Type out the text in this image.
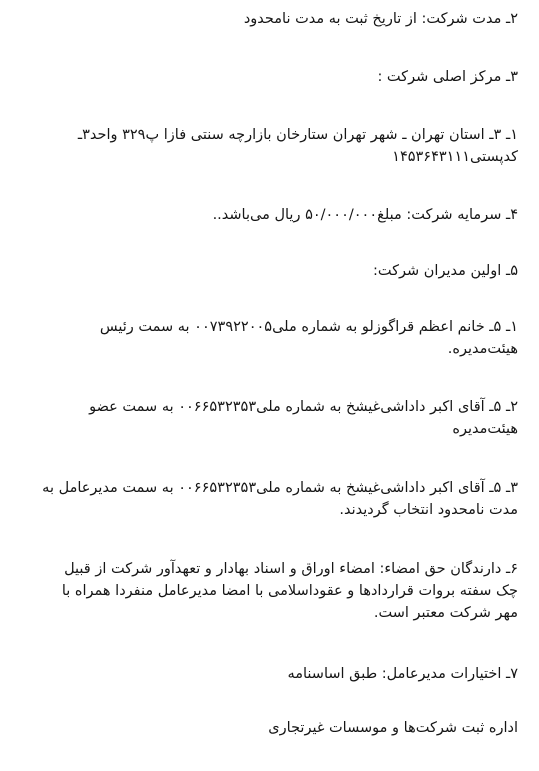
۲ـ مدت شرکت: از تاریخ ثبت به مدت نامحدود
۳ـ مرکز اصلی شرکت :
۱ـ ۳ـ استان تهران ـ شهر تهران ستارخان بازارچه سنتی فازا پ۳۲۹ واحد۳ـ کدپستی۱۴۵۳۶۴۳۱۱۱
۴ـ سرمایه شرکت: مبلغ۵۰/۰۰۰/۰۰۰ ریال می‌باشد..
۵ـ اولین مدیران شرکت:
۱ـ ۵ـ خانم اعظم قراگوزلو به شماره ملی۰۰۷۳۹۲۲۰۰۵ به سمت رئیس هیئت‌مدیره.
۲ـ ۵ـ آقای اکبر داداشی‌غیشخ به شماره ملی۰۰۶۶۵۳۲۳۵۳ به سمت عضو هیئت‌مدیره
۳ـ ۵ـ آقای اکبر داداشی‌غیشخ به شماره ملی۰۰۶۶۵۳۲۳۵۳ به سمت مدیرعامل به مدت نامحدود انتخاب گردیدند.
۶ـ دارندگان حق امضاء: امضاء اوراق و اسناد بهادار و تعهدآور شرکت از قبیل چک سفته بروات قراردادها و عقوداسلامی با امضا مدیرعامل منفردا همراه با مهر شرکت معتبر است.
۷ـ اختیارات مدیرعامل: طبق اساسنامه
اداره ثبت شرکت‌ها و موسسات غیرتجاری
